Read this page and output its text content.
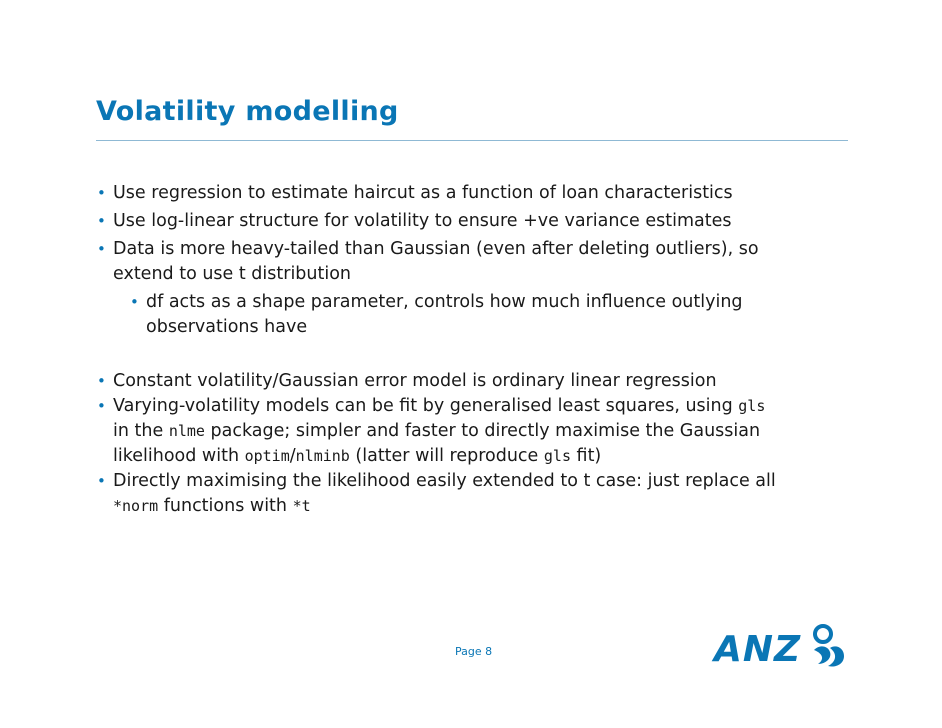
Volatility modelling
• Use regression to estimate haircut as a function of loan characteristics
• Use log-linear structure for volatility to ensure +ve variance estimates
• Data is more heavy-tailed than Gaussian (even after deleting outliers), so
extend to use t distribution
• df acts as a shape parameter, controls how much influence outlying
observations have
• Constant volatility/Gaussian error model is ordinary linear regression
• Varying-volatility models can be fit by generalised least squares, using gls
in the nlme package; simpler and faster to directly maximise the Gaussian
likelihood with optim/nlminb (latter will reproduce gls fit)
• Directly maximising the likelihood easily extended to t case: just replace all
*norm functions with *t
Page 8	ANZ
